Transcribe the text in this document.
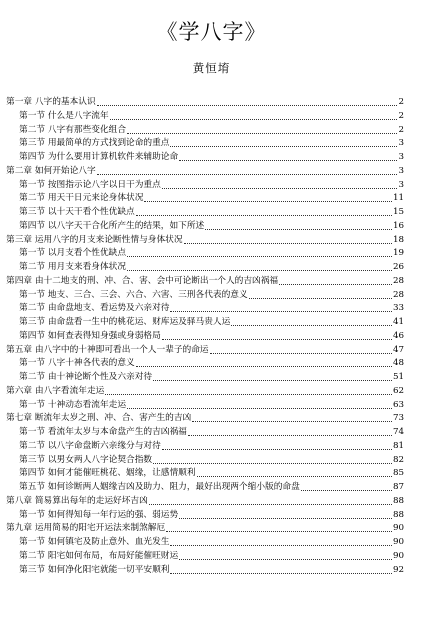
《学八字》
黄恒堉
第一章 八字的基本认识	2
第一节 什么是八字流年	2
第二节 八字有那些变化组合	2
第三节 用最简单的方式找到论命的重点	3
第四节 为什么要用计算机软件来辅助论命	3
第二章 如何开始论八字	3
第一节 按图指示论八字以日干为重点	3
第二节 用天干日元来论身体状况	11
第三节 以十天干看个性优缺点	15
第四节 以八字天干合化所产生的结果，如下所述	16
第三章 运用八字的月支来论断性情与身体状况	18
第一节 以月支看个性优缺点	19
第二节 用月支来看身体状况	26
第四章 由十二地支的刑、冲、合、害、会中可论断出一个人的吉凶祸福	28
第一节 地支、三合、三会、六合、六害、三刑各代表的意义	28
第二节 由命盘地支、看运势及六亲对待	33
第三节 由命盘看一生中的桃花运、财库运及驿马贵人运	41
第四节 如何查表得知身强或身弱格局	46
第五章 由八字中的十神即可看出一个人一辈子的命运	47
第一节 八字十神各代表的意义	48
第二节 由十神论断个性及六亲对待	51
第六章 由八字看流年走运	62
第一节 十神动态看流年走运	63
第七章 断流年太岁之刑、冲、合、害产生的吉凶	73
第一节 看流年太岁与本命盘产生的吉凶祸福	74
第二节 以八字命盘断六亲缘分与对待	81
第三节 以男女两人八字论契合指数	82
第四节 如何才能催旺桃花、姻缘，让感情顺利	85
第五节 如何诊断两人姻缘吉凶及助力、阻力，最好出现两个缩小版的命盘	87
第八章 简易算出每年的走运好坏吉凶	88
第一节 如何得知每一年行运的强、弱运势	88
第九章 运用简易的阳宅开运法来制煞解厄	90
第一节 如何镇宅及防止意外、血光发生	90
第二节 阳宅如何布局，布局好能催旺财运	90
第三节 如何净化阳宅就能一切平安顺利	92
